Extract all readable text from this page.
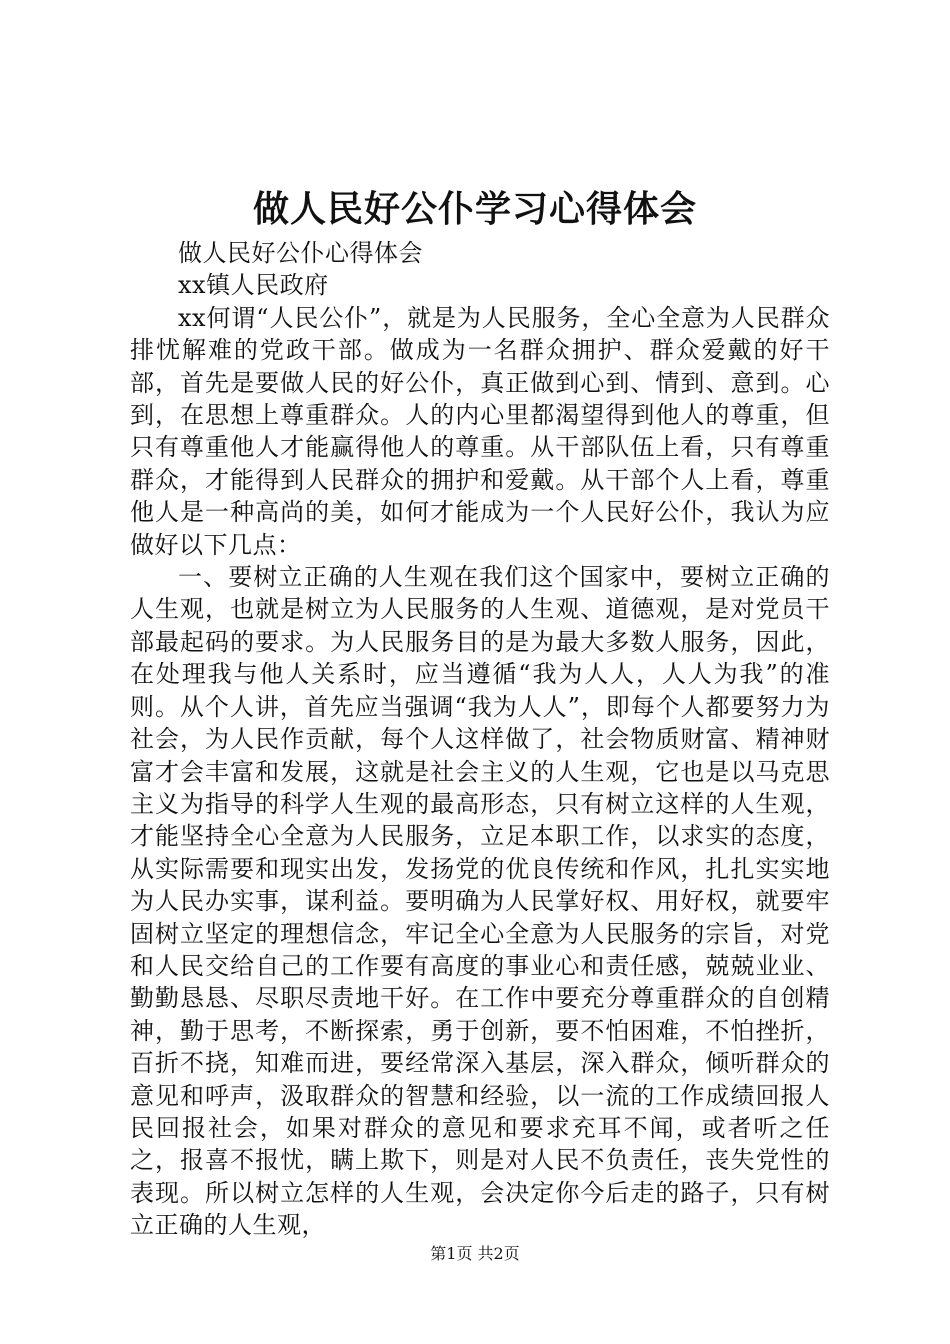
做人民好公仆学习心得体会

做人民好公仆心得体会

xx镇人民政府

xx何谓“人民公仆”，就是为人民服务，全心全意为人民群众排忧解难的党政干部。做成为一名群众拥护、群众爱戴的好干部，首先是要做人民的好公仆，真正做到心到、情到、意到。心到，在思想上尊重群众。人的内心里都渴望得到他人的尊重，但只有尊重他人才能赢得他人的尊重。从干部队伍上看，只有尊重群众，才能得到人民群众的拥护和爱戴。从干部个人上看，尊重他人是一种高尚的美，如何才能成为一个人民好公仆，我认为应做好以下几点：

一、要树立正确的人生观在我们这个国家中，要树立正确的人生观，也就是树立为人民服务的人生观、道德观，是对党员干部最起码的要求。为人民服务目的是为最大多数人服务，因此，在处理我与他人关系时，应当遵循“我为人人，人人为我”的准则。从个人讲，首先应当强调“我为人人”，即每个人都要努力为社会，为人民作贡献，每个人这样做了，社会物质财富、精神财富才会丰富和发展，这就是社会主义的人生观，它也是以马克思主义为指导的科学人生观的最高形态，只有树立这样的人生观，才能坚持全心全意为人民服务，立足本职工作，以求实的态度，从实际需要和现实出发，发扬党的优良传统和作风，扎扎实实地为人民办实事，谋利益。要明确为人民掌好权、用好权，就要牢固树立坚定的理想信念，牢记全心全意为人民服务的宗旨，对党和人民交给自己的工作要有高度的事业心和责任感，兢兢业业、勤勤恳恳、尽职尽责地干好。在工作中要充分尊重群众的自创精神，勤于思考，不断探索，勇于创新，要不怕困难，不怕挫折，百折不挠，知难而进，要经常深入基层，深入群众，倾听群众的意见和呼声，汲取群众的智慧和经验，以一流的工作成绩回报人民回报社会，如果对群众的意见和要求充耳不闻，或者听之任之，报喜不报忧，瞒上欺下，则是对人民不负责任，丧失党性的表现。所以树立怎样的人生观，会决定你今后走的路子，只有树立正确的人生观，

第1页 共2页
